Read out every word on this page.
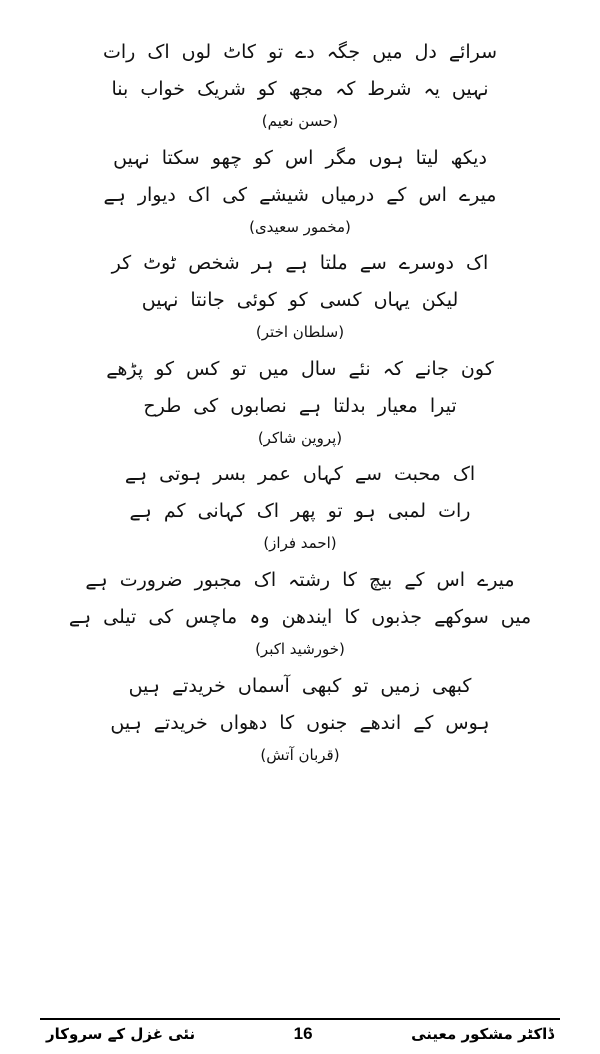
سرائے دل میں جگہ دے تو کاٹ لوں اک رات
نہیں یہ شرط کہ مجھ کو شریک خواب بنا
(حسن نعیم)
دیکھ لیتا ہوں مگر اس کو چھو سکتا نہیں
میرے اس کے درمیاں شیشے کی اک دیوار ہے
(مخمور سعیدی)
اک دوسرے سے ملتا ہے ہر شخص ٹوٹ کر
لیکن یہاں کسی کو کوئی جانتا نہیں
(سلطان اختر)
کون جانے کہ نئے سال میں تو کس کو پڑھے
تیرا معیار بدلتا ہے نصابوں کی طرح
(پروین شاکر)
اک محبت سے کہاں عمر بسر ہوتی ہے
رات لمبی ہو تو پھر اک کہانی کم ہے
(احمد فراز)
میرے اس کے بیچ کا رشتہ اک مجبور ضرورت ہے
میں سوکھے جذبوں کا ایندھن وہ ماچس کی تیلی ہے
(خورشید اکبر)
کبھی زمیں تو کبھی آسماں خریدتے ہیں
ہوس کے اندھے جنوں کا دھواں خریدتے ہیں
(قربان آتش)
نئی غزل کے سروکار	16	ڈاکٹر مشکور معینی
